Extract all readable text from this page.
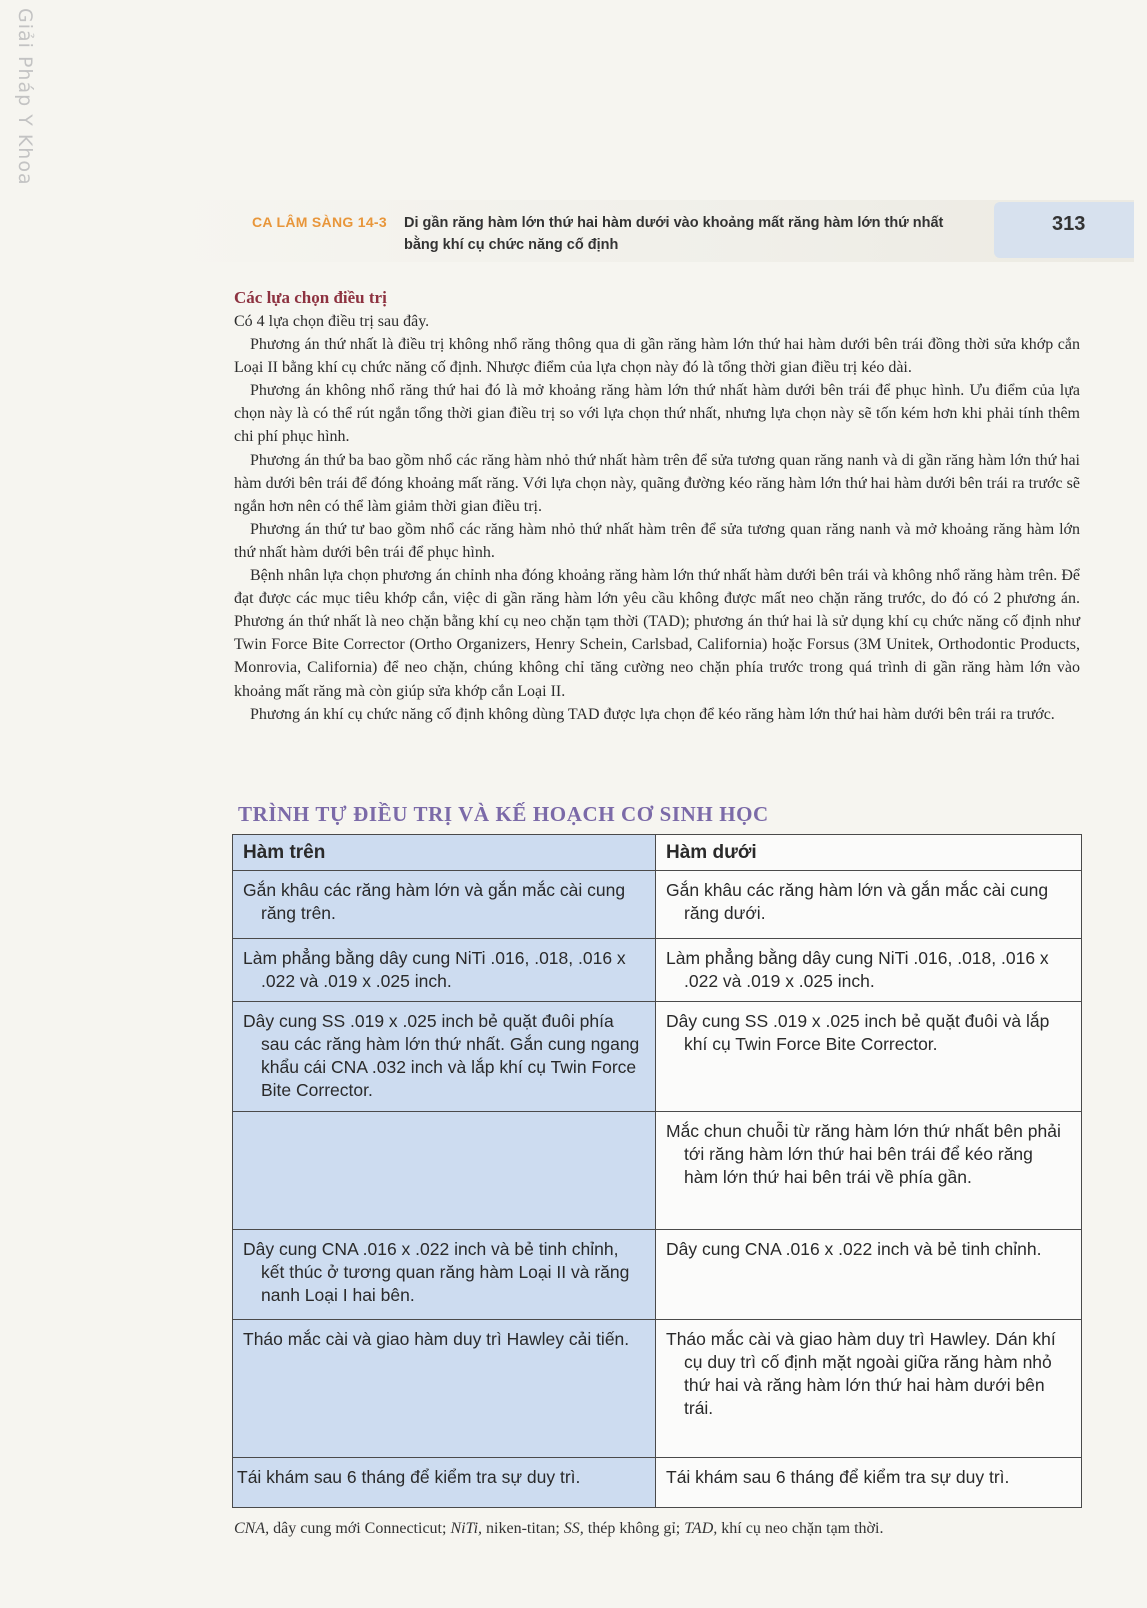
Giải Pháp Y Khoa
CA LÂM SÀNG 14-3 Di gần răng hàm lớn thứ hai hàm dưới vào khoảng mất răng hàm lớn thứ nhất bằng khí cụ chức năng cố định
313
Các lựa chọn điều trị

Có 4 lựa chọn điều trị sau đây.

Phương án thứ nhất là điều trị không nhổ răng thông qua di gần răng hàm lớn thứ hai hàm dưới bên trái đồng thời sửa khớp cắn Loại II bằng khí cụ chức năng cố định. Nhược điểm của lựa chọn này đó là tổng thời gian điều trị kéo dài.

Phương án không nhổ răng thứ hai đó là mở khoảng răng hàm lớn thứ nhất hàm dưới bên trái để phục hình. Ưu điểm của lựa chọn này là có thể rút ngắn tổng thời gian điều trị so với lựa chọn thứ nhất, nhưng lựa chọn này sẽ tốn kém hơn khi phải tính thêm chi phí phục hình.

Phương án thứ ba bao gồm nhổ các răng hàm nhỏ thứ nhất hàm trên để sửa tương quan răng nanh và di gần răng hàm lớn thứ hai hàm dưới bên trái để đóng khoảng mất răng. Với lựa chọn này, quãng đường kéo răng hàm lớn thứ hai hàm dưới bên trái ra trước sẽ ngắn hơn nên có thể làm giảm thời gian điều trị.

Phương án thứ tư bao gồm nhổ các răng hàm nhỏ thứ nhất hàm trên để sửa tương quan răng nanh và mở khoảng răng hàm lớn thứ nhất hàm dưới bên trái để phục hình.

Bệnh nhân lựa chọn phương án chỉnh nha đóng khoảng răng hàm lớn thứ nhất hàm dưới bên trái và không nhổ răng hàm trên. Để đạt được các mục tiêu khớp cắn, việc di gần răng hàm lớn yêu cầu không được mất neo chặn răng trước, do đó có 2 phương án. Phương án thứ nhất là neo chặn bằng khí cụ neo chặn tạm thời (TAD); phương án thứ hai là sử dụng khí cụ chức năng cố định như Twin Force Bite Corrector (Ortho Organizers, Henry Schein, Carlsbad, California) hoặc Forsus (3M Unitek, Orthodontic Products, Monrovia, California) để neo chặn, chúng không chỉ tăng cường neo chặn phía trước trong quá trình di gần răng hàm lớn vào khoảng mất răng mà còn giúp sửa khớp cắn Loại II.

Phương án khí cụ chức năng cố định không dùng TAD được lựa chọn để kéo răng hàm lớn thứ hai hàm dưới bên trái ra trước.

TRÌNH TỰ ĐIỀU TRỊ VÀ KẾ HOẠCH CƠ SINH HỌC
Hàm trên	Hàm dưới

Gắn khâu các răng hàm lớn và gắn mắc cài cung răng trên.	Gắn khâu các răng hàm lớn và gắn mắc cài cung răng dưới.

Làm phẳng bằng dây cung NiTi .016, .018, .016 x .022 và .019 x .025 inch.	Làm phẳng bằng dây cung NiTi .016, .018, .016 x .022 và .019 x .025 inch.

Dây cung SS .019 x .025 inch bẻ quặt đuôi phía sau các răng hàm lớn thứ nhất. Gắn cung ngang khẩu cái CNA .032 inch và lắp khí cụ Twin Force Bite Corrector.	Dây cung SS .019 x .025 inch bẻ quặt đuôi và lắp khí cụ Twin Force Bite Corrector.

	Mắc chun chuỗi từ răng hàm lớn thứ nhất bên phải tới răng hàm lớn thứ hai bên trái để kéo răng hàm lớn thứ hai bên trái về phía gần.

Dây cung CNA .016 x .022 inch và bẻ tinh chỉnh, kết thúc ở tương quan răng hàm Loại II và răng nanh Loại I hai bên.	Dây cung CNA .016 x .022 inch và bẻ tinh chỉnh.

Tháo mắc cài và giao hàm duy trì Hawley cải tiến.	Tháo mắc cài và giao hàm duy trì Hawley. Dán khí cụ duy trì cố định mặt ngoài giữa răng hàm nhỏ thứ hai và răng hàm lớn thứ hai hàm dưới bên trái.

Tái khám sau 6 tháng để kiểm tra sự duy trì.	Tái khám sau 6 tháng để kiểm tra sự duy trì.
CNA, dây cung mới Connecticut; NiTi, niken-titan; SS, thép không gỉ; TAD, khí cụ neo chặn tạm thời.
